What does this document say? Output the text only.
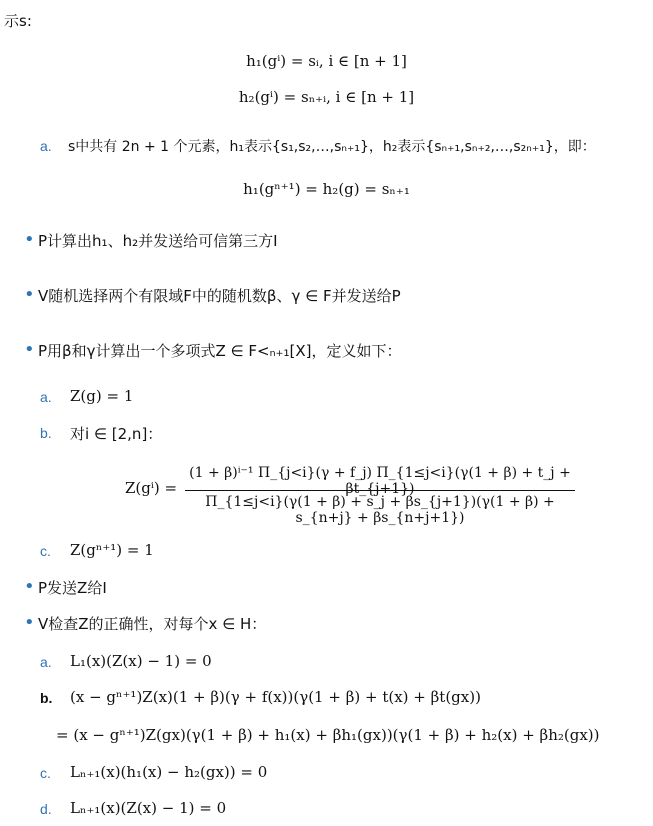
示s:
h₁(gⁱ) = sᵢ, i ∈ [n + 1]
h₂(gⁱ) = sₙ₊ᵢ, i ∈ [n + 1]
a. s中共有 2n + 1 个元素，h₁表示{s₁,s₂,…,sₙ₊₁}，h₂表示{sₙ₊₁,sₙ₊₂,…,s₂ₙ₊₁}，即：
h₁(gⁿ⁺¹) = h₂(g) = sₙ₊₁
• P计算出h₁、h₂并发送给可信第三方I
• V随机选择两个有限域F中的随机数β、γ ∈ F并发送给P
• P用β和γ计算出一个多项式Z ∈ F<ₙ₊₁[X]，定义如下：
a. Z(g) = 1
b. 对i ∈ [2,n]：
Z(gⁱ) =
(1 + β)ⁱ⁻¹ Π_{j<i}(γ + f_j) Π_{1≤j<i}(γ(1 + β) + t_j + βt_{j+1})
Π_{1≤j<i}(γ(1 + β) + s_j + βs_{j+1})(γ(1 + β) + s_{n+j} + βs_{n+j+1})
c. Z(gⁿ⁺¹) = 1
• P发送Z给I
• V检查Z的正确性，对每个x ∈ H：
a. L₁(x)(Z(x) − 1) = 0
b. (x − gⁿ⁺¹)Z(x)(1 + β)(γ + f(x))(γ(1 + β) + t(x) + βt(gx))
= (x − gⁿ⁺¹)Z(gx)(γ(1 + β) + h₁(x) + βh₁(gx))(γ(1 + β) + h₂(x) + βh₂(gx))
c. Lₙ₊₁(x)(h₁(x) − h₂(gx)) = 0
d. Lₙ₊₁(x)(Z(x) − 1) = 0
